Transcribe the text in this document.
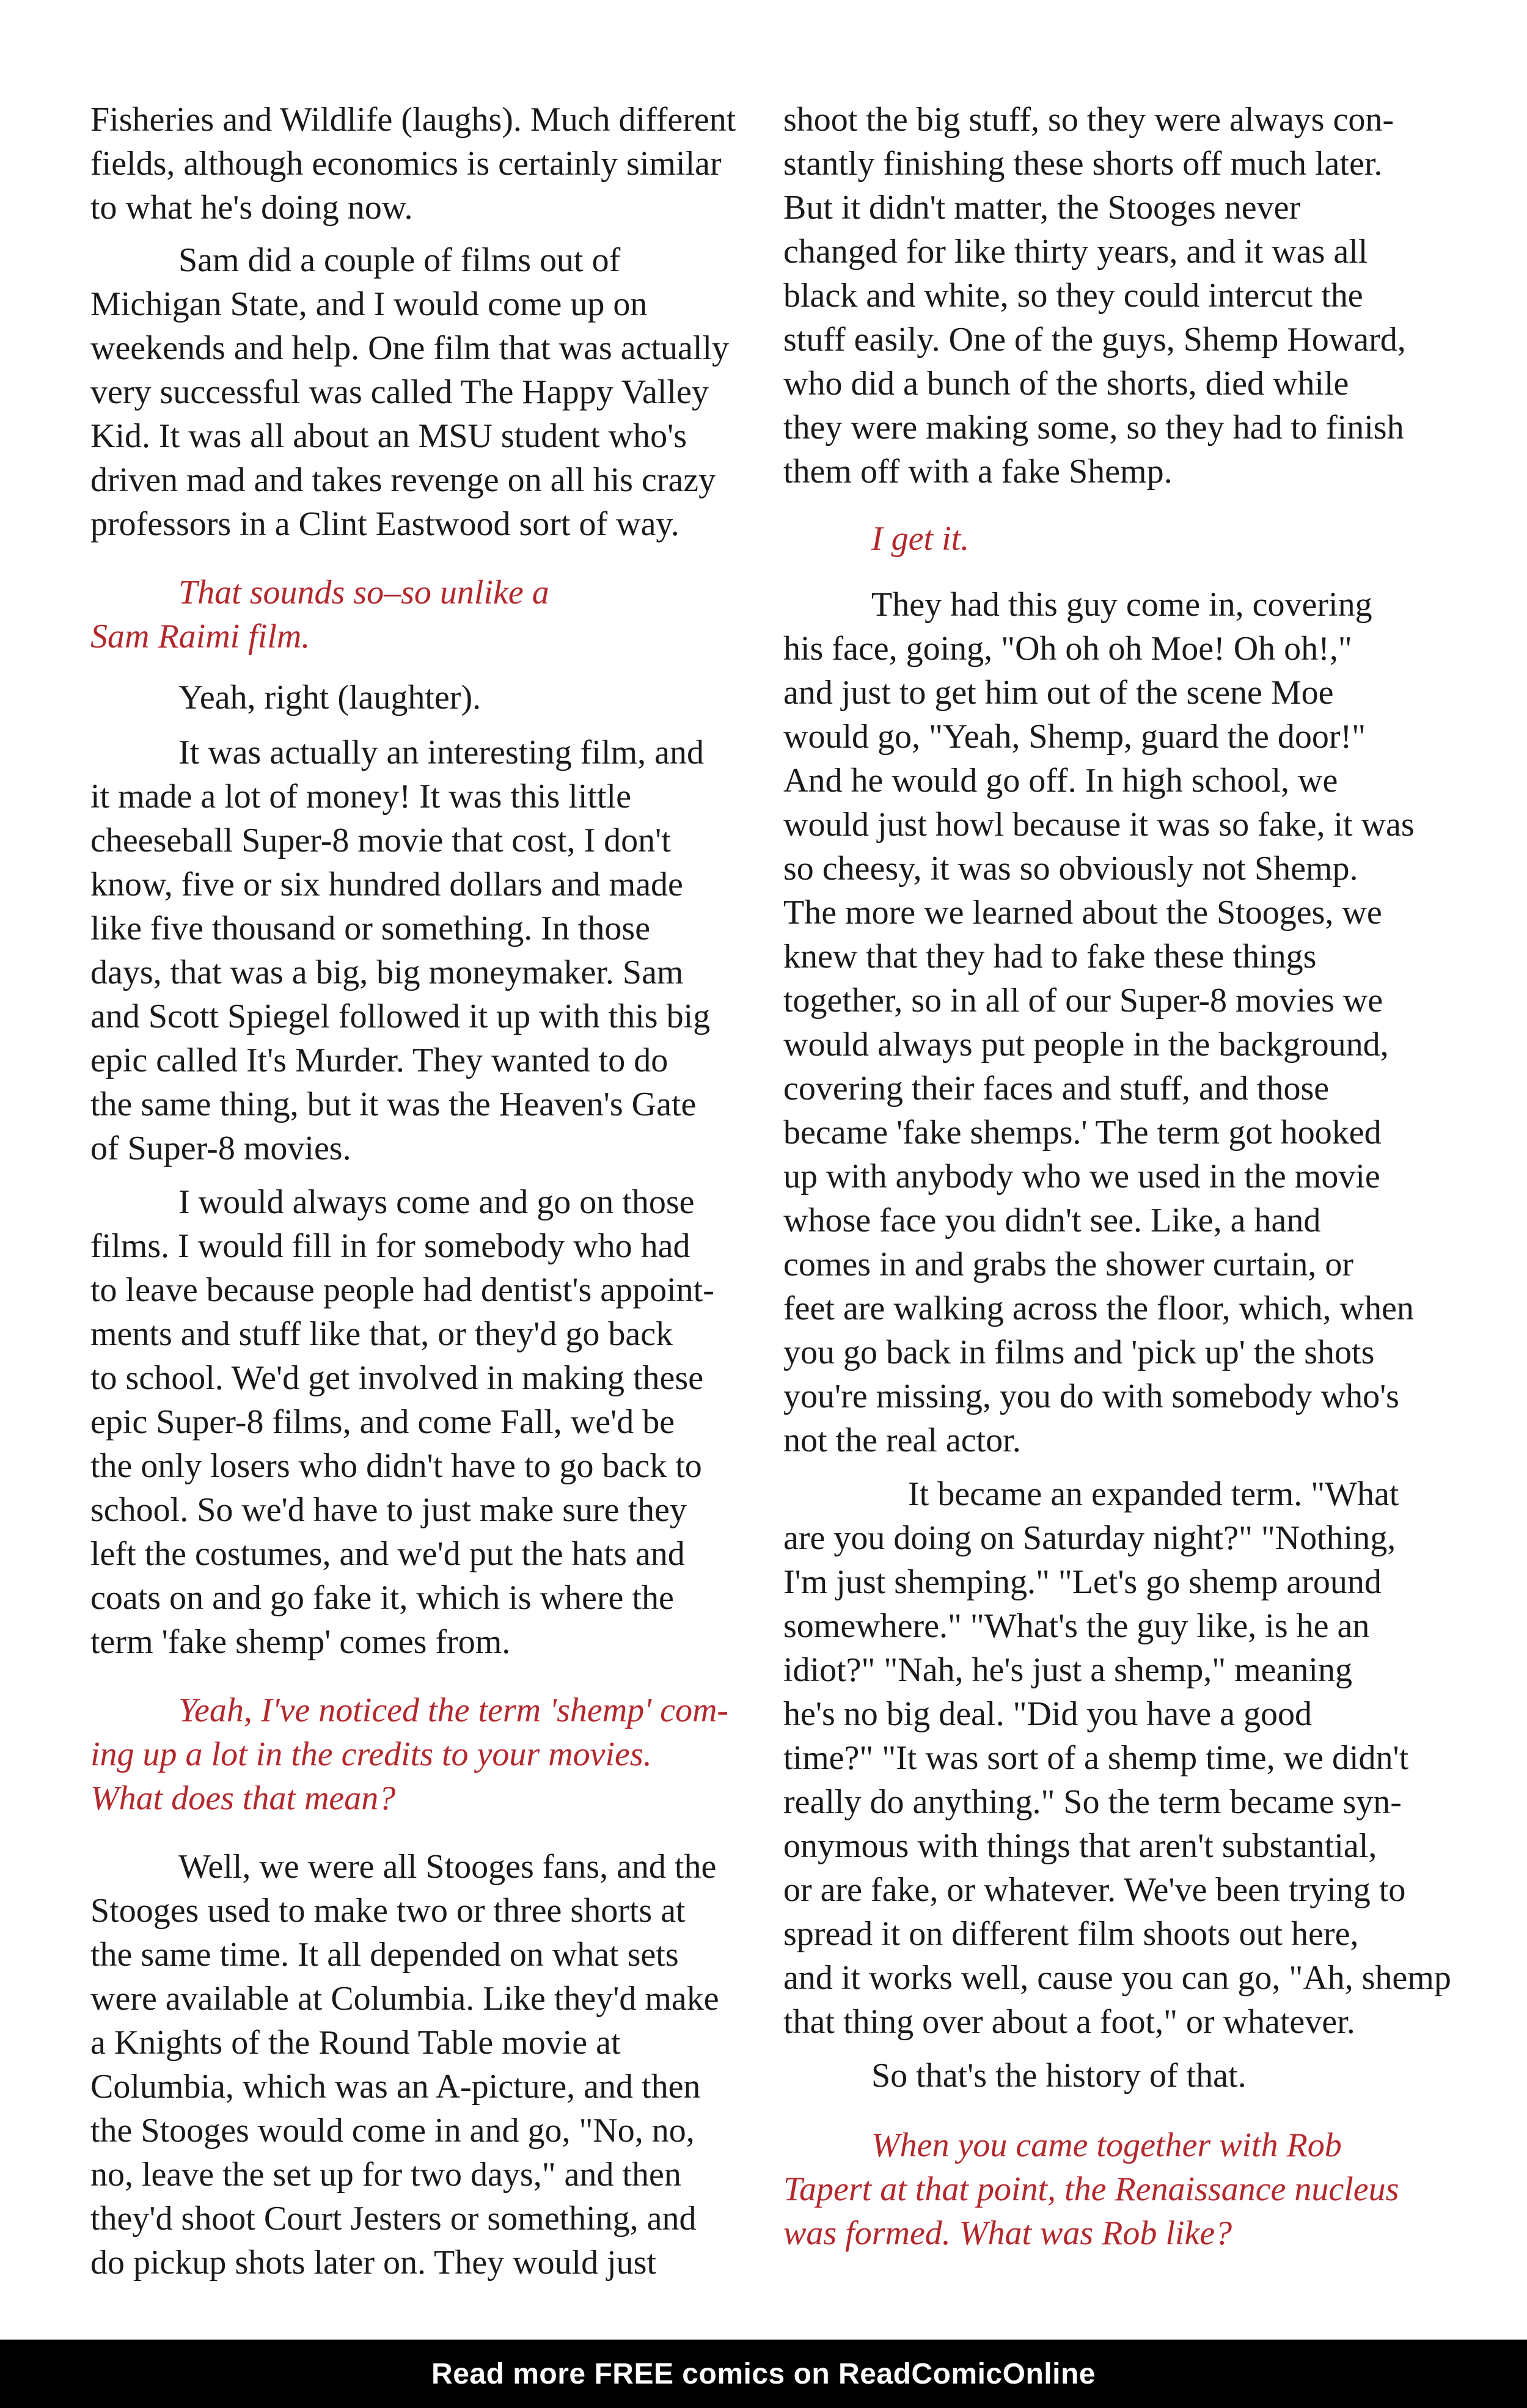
Fisheries and Wildlife (laughs). Much different
fields, although economics is certainly similar
to what he's doing now.
Sam did a couple of films out of
Michigan State, and I would come up on
weekends and help. One film that was actually
very successful was called The Happy Valley
Kid. It was all about an MSU student who's
driven mad and takes revenge on all his crazy
professors in a Clint Eastwood sort of way.
That sounds so–so unlike a
Sam Raimi film.
Yeah, right (laughter).
It was actually an interesting film, and
it made a lot of money! It was this little
cheeseball Super-8 movie that cost, I don't
know, five or six hundred dollars and made
like five thousand or something. In those
days, that was a big, big moneymaker. Sam
and Scott Spiegel followed it up with this big
epic called It's Murder. They wanted to do
the same thing, but it was the Heaven's Gate
of Super-8 movies.
I would always come and go on those
films. I would fill in for somebody who had
to leave because people had dentist's appoint-
ments and stuff like that, or they'd go back
to school. We'd get involved in making these
epic Super-8 films, and come Fall, we'd be
the only losers who didn't have to go back to
school. So we'd have to just make sure they
left the costumes, and we'd put the hats and
coats on and go fake it, which is where the
term 'fake shemp' comes from.
Yeah, I've noticed the term 'shemp' com-
ing up a lot in the credits to your movies.
What does that mean?
Well, we were all Stooges fans, and the
Stooges used to make two or three shorts at
the same time. It all depended on what sets
were available at Columbia. Like they'd make
a Knights of the Round Table movie at
Columbia, which was an A-picture, and then
the Stooges would come in and go, "No, no,
no, leave the set up for two days," and then
they'd shoot Court Jesters or something, and
do pickup shots later on. They would just
shoot the big stuff, so they were always con-
stantly finishing these shorts off much later.
But it didn't matter, the Stooges never
changed for like thirty years, and it was all
black and white, so they could intercut the
stuff easily. One of the guys, Shemp Howard,
who did a bunch of the shorts, died while
they were making some, so they had to finish
them off with a fake Shemp.
I get it.
They had this guy come in, covering
his face, going, "Oh oh oh Moe! Oh oh!,"
and just to get him out of the scene Moe
would go, "Yeah, Shemp, guard the door!"
And he would go off. In high school, we
would just howl because it was so fake, it was
so cheesy, it was so obviously not Shemp.
The more we learned about the Stooges, we
knew that they had to fake these things
together, so in all of our Super-8 movies we
would always put people in the background,
covering their faces and stuff, and those
became 'fake shemps.' The term got hooked
up with anybody who we used in the movie
whose face you didn't see. Like, a hand
comes in and grabs the shower curtain, or
feet are walking across the floor, which, when
you go back in films and 'pick up' the shots
you're missing, you do with somebody who's
not the real actor.
It became an expanded term. "What
are you doing on Saturday night?" "Nothing,
I'm just shemping." "Let's go shemp around
somewhere." "What's the guy like, is he an
idiot?" "Nah, he's just a shemp," meaning
he's no big deal. "Did you have a good
time?" "It was sort of a shemp time, we didn't
really do anything." So the term became syn-
onymous with things that aren't substantial,
or are fake, or whatever. We've been trying to
spread it on different film shoots out here,
and it works well, cause you can go, "Ah, shemp
that thing over about a foot," or whatever.
So that's the history of that.
When you came together with Rob
Tapert at that point, the Renaissance nucleus
was formed. What was Rob like?
Read more FREE comics on ReadComicOnline
